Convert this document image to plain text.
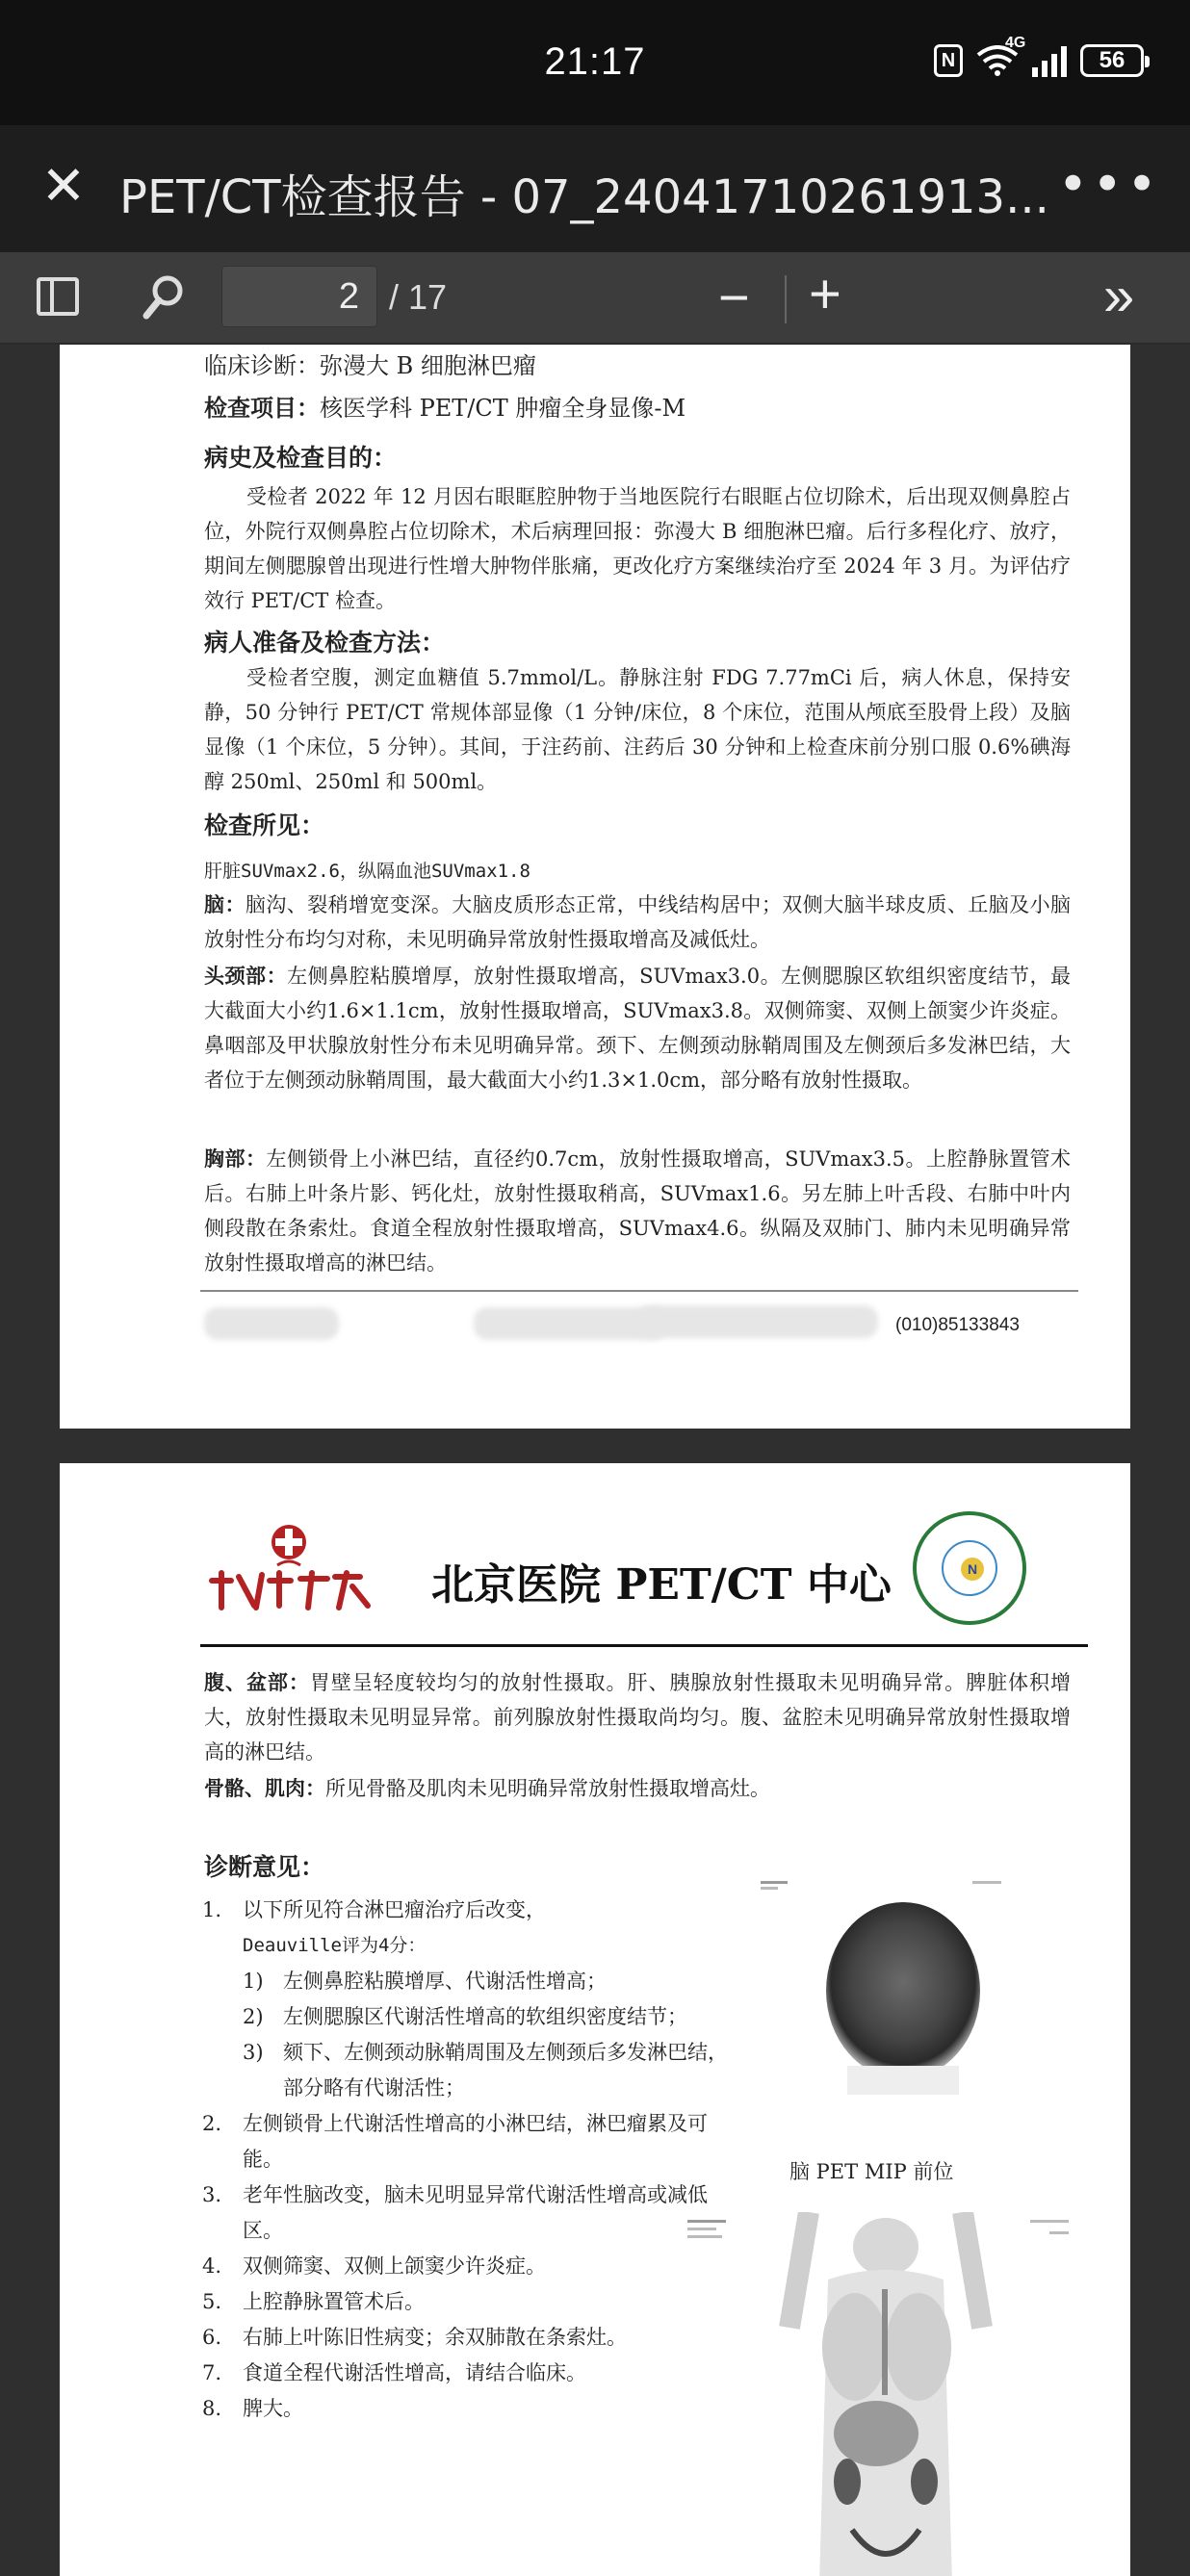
21:17	N
4G
56
✕ PET/CT检查报告 - 07_24041710261913... •••
2 / 17	− +	»
临床诊断：弥漫大 B 细胞淋巴瘤
检查项目：核医学科 PET/CT 肿瘤全身显像-M
病史及检查目的：
受检者 2022 年 12 月因右眼眶腔肿物于当地医院行右眼眶占位切除术，后出现双侧鼻腔占位，外院行双侧鼻腔占位切除术，术后病理回报：弥漫大 B 细胞淋巴瘤。后行多程化疗、放疗，期间左侧腮腺曾出现进行性增大肿物伴胀痛，更改化疗方案继续治疗至 2024 年 3 月。为评估疗效行 PET/CT 检查。
病人准备及检查方法：
受检者空腹，测定血糖值 5.7mmol/L。静脉注射 FDG 7.77mCi 后，病人休息，保持安静，50 分钟行 PET/CT 常规体部显像（1 分钟/床位，8 个床位，范围从颅底至股骨上段）及脑显像（1 个床位，5 分钟）。其间，于注药前、注药后 30 分钟和上检查床前分别口服 0.6%碘海醇 250ml、250ml 和 500ml。
检查所见：
肝脏SUVmax2.6，纵隔血池SUVmax1.8
脑：脑沟、裂稍增宽变深。大脑皮质形态正常，中线结构居中；双侧大脑半球皮质、丘脑及小脑放射性分布均匀对称，未见明确异常放射性摄取增高及减低灶。
头颈部：左侧鼻腔粘膜增厚，放射性摄取增高，SUVmax3.0。左侧腮腺区软组织密度结节，最大截面大小约1.6×1.1cm，放射性摄取增高，SUVmax3.8。双侧筛窦、双侧上颌窦少许炎症。鼻咽部及甲状腺放射性分布未见明确异常。颈下、左侧颈动脉鞘周围及左侧颈后多发淋巴结，大者位于左侧颈动脉鞘周围，最大截面大小约1.3×1.0cm，部分略有放射性摄取。
胸部：左侧锁骨上小淋巴结，直径约0.7cm，放射性摄取增高，SUVmax3.5。上腔静脉置管术后。右肺上叶条片影、钙化灶，放射性摄取稍高，SUVmax1.6。另左肺上叶舌段、右肺中叶内侧段散在条索灶。食道全程放射性摄取增高，SUVmax4.6。纵隔及双肺门、肺内未见明确异常放射性摄取增高的淋巴结。
(010)85133843
北京医院 PET/CT 中心	N
腹、盆部：胃壁呈轻度较均匀的放射性摄取。肝、胰腺放射性摄取未见明确异常。脾脏体积增大，放射性摄取未见明显异常。前列腺放射性摄取尚均匀。腹、盆腔未见明确异常放射性摄取增高的淋巴结。
骨骼、肌肉：所见骨骼及肌肉未见明确异常放射性摄取增高灶。
诊断意见：
1. 以下所见符合淋巴瘤治疗后改变，
Deauville评为4分：
1) 左侧鼻腔粘膜增厚、代谢活性增高；
2) 左侧腮腺区代谢活性增高的软组织密度结节；
3) 颏下、左侧颈动脉鞘周围及左侧颈后多发淋巴结，部分略有代谢活性；
2. 左侧锁骨上代谢活性增高的小淋巴结，淋巴瘤累及可能。
3. 老年性脑改变，脑未见明显异常代谢活性增高或减低区。
4. 双侧筛窦、双侧上颌窦少许炎症。
5. 上腔静脉置管术后。
6. 右肺上叶陈旧性病变；余双肺散在条索灶。
7. 食道全程代谢活性增高，请结合临床。
8. 脾大。
脑 PET MIP 前位
